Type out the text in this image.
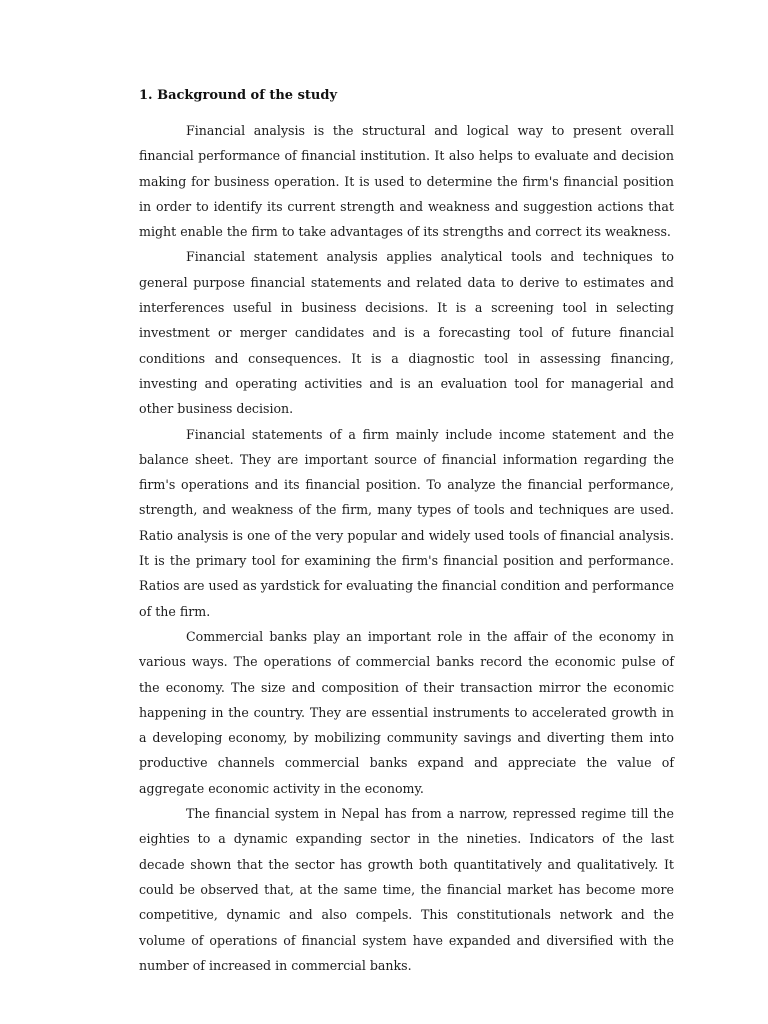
1. Background of the study

Financial analysis is the structural and logical way to present overall financial performance of financial institution. It also helps to evaluate and decision making for business operation. It is used to determine the firm's financial position in order to identify its current strength and weakness and suggestion actions that might enable the firm to take advantages of its strengths and correct its weakness.

Financial statement analysis applies analytical tools and techniques to general purpose financial statements and related data to derive to estimates and interferences useful in business decisions. It is a screening tool in selecting investment or merger candidates and is a forecasting tool of future financial conditions and consequences. It is a diagnostic tool in assessing financing, investing and operating activities and is an evaluation tool for managerial and other business decision.

Financial statements of a firm mainly include income statement and the balance sheet. They are important source of financial information regarding the firm's operations and its financial position. To analyze the financial performance, strength, and weakness of the firm, many types of tools and techniques are used. Ratio analysis is one of the very popular and widely used tools of financial analysis. It is the primary tool for examining the firm's financial position and performance. Ratios are used as yardstick for evaluating the financial condition and performance of the firm.

Commercial banks play an important role in the affair of the economy in various ways. The operations of commercial banks record the economic pulse of the economy. The size and composition of their transaction mirror the economic happening in the country. They are essential instruments to accelerated growth in a developing economy, by mobilizing community savings and diverting them into productive channels commercial banks expand and appreciate the value of aggregate economic activity in the economy.

The financial system in Nepal has from a narrow, repressed regime till the eighties to a dynamic expanding sector in the nineties. Indicators of the last decade shown that the sector has growth both quantitatively and qualitatively. It could be observed that, at the same time, the financial market has become more competitive, dynamic and also compels. This constitutionals network and the volume of operations of financial system have expanded and diversified with the number of increased in commercial banks.
